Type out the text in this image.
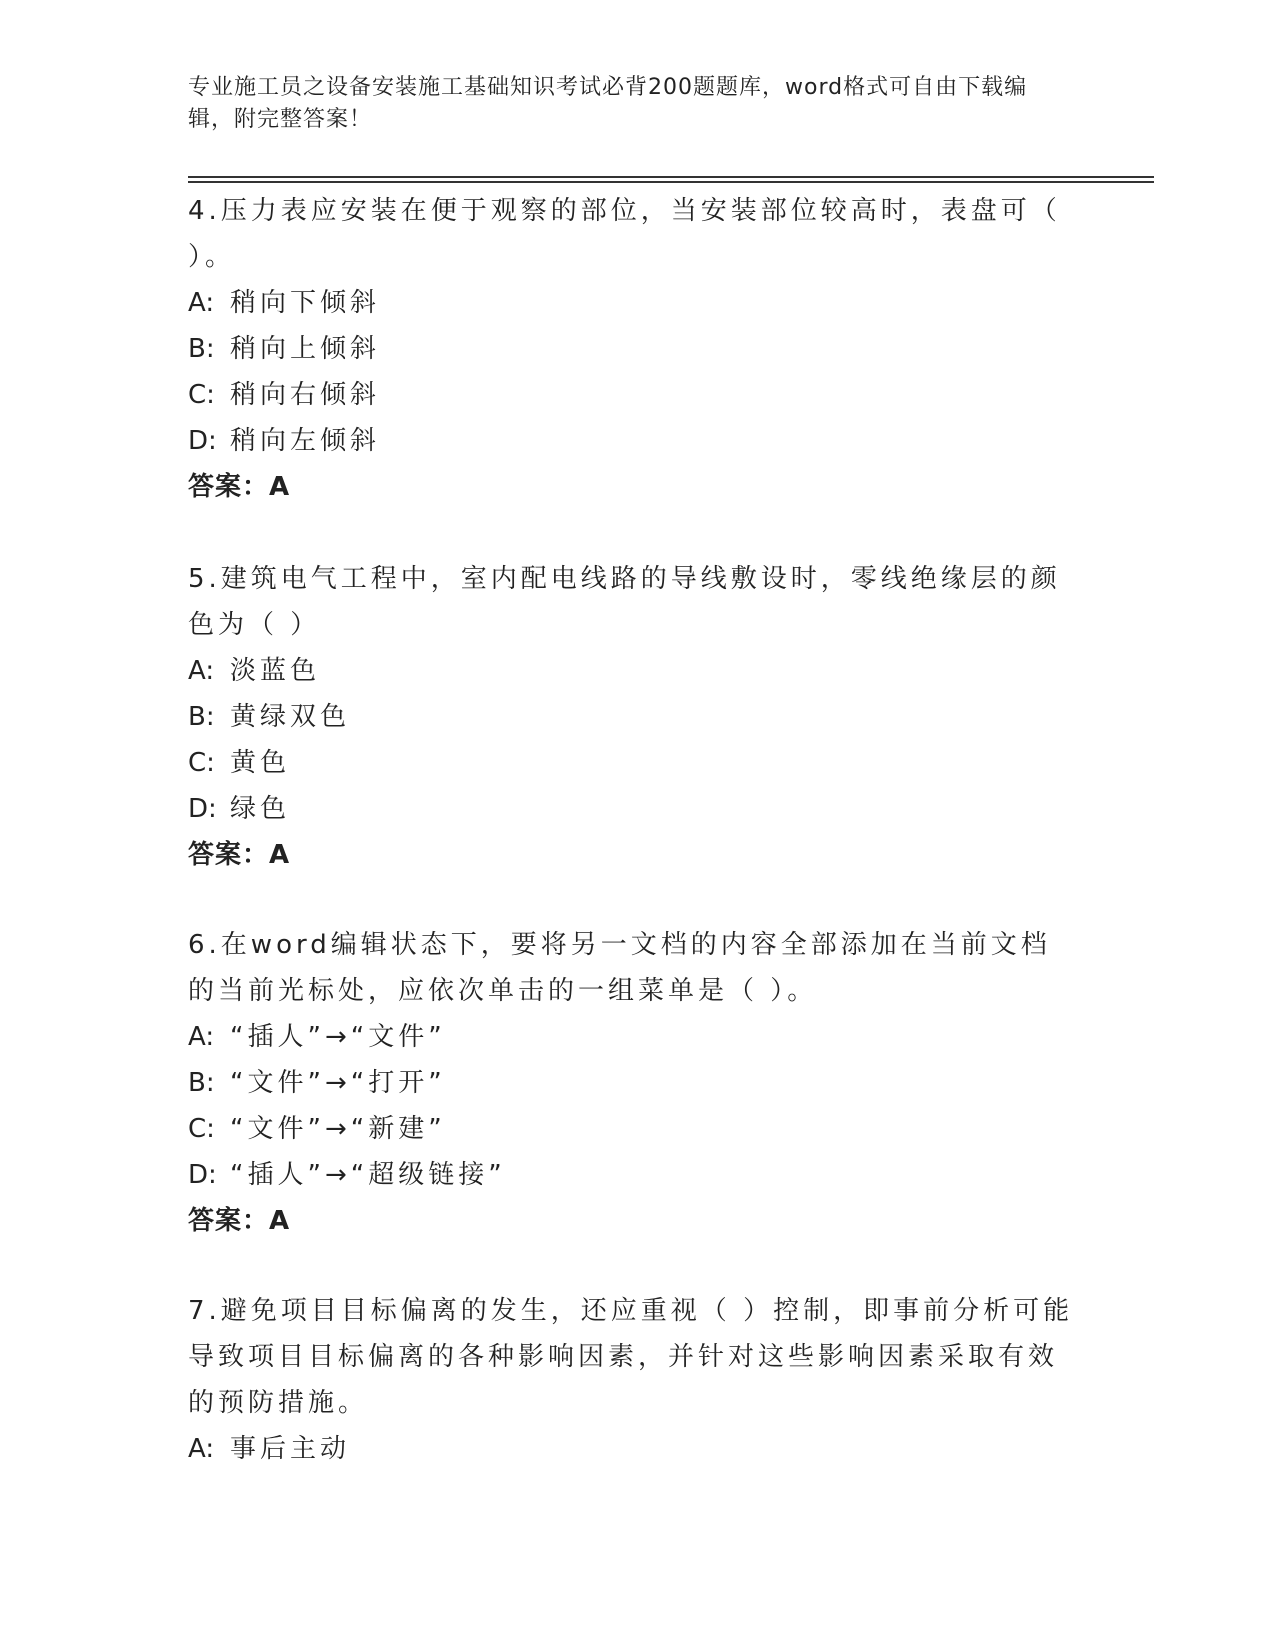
专业施工员之设备安装施工基础知识考试必背200题题库，word格式可自由下载编辑，附完整答案！

4.压力表应安装在便于观察的部位，当安装部位较高时，表盘可（ ）。

A: 稍向下倾斜

B: 稍向上倾斜

C: 稍向右倾斜

D: 稍向左倾斜

答案：A

5.建筑电气工程中，室内配电线路的导线敷设时，零线绝缘层的颜色为（ ）

A: 淡蓝色

B: 黄绿双色

C: 黄色

D: 绿色

答案：A

6.在word编辑状态下，要将另一文档的内容全部添加在当前文档的当前光标处，应依次单击的一组菜单是（ ）。

A: “插人”→“文件”

B: “文件”→“打开”

C: “文件”→“新建”

D: “插人”→“超级链接”

答案：A

7.避免项目目标偏离的发生，还应重视（ ）控制，即事前分析可能导致项目目标偏离的各种影响因素，并针对这些影响因素采取有效的预防措施。

A: 事后主动
